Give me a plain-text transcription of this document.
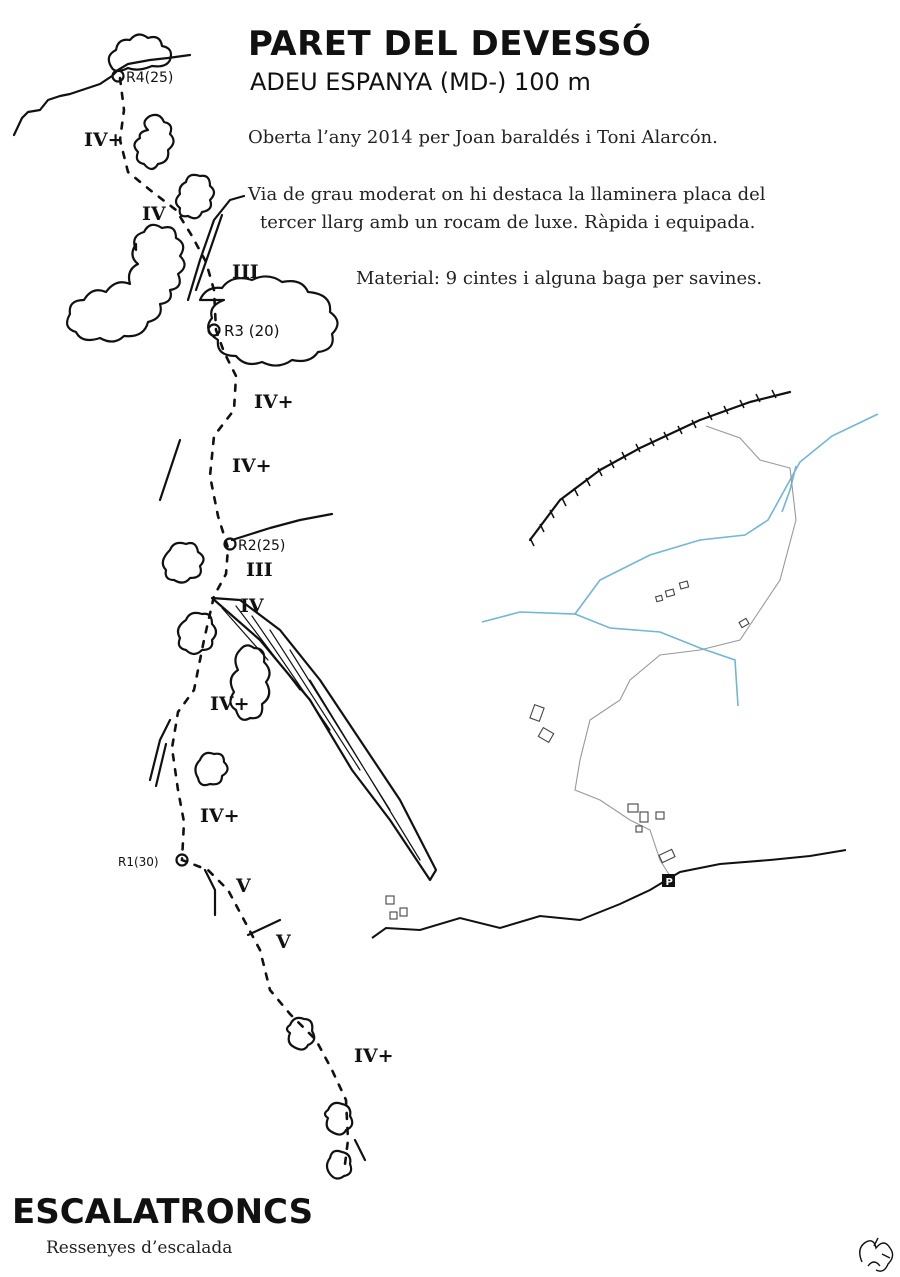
R4(25)
R3 (20)
R2(25)
R1(30)
IV+
IV
III
IV+
IV+
III
IV
IV+
IV+
V
V
IV+
P
PARET DEL DEVESSÓ
ADEU ESPANYA (MD-) 100 m
Oberta l’any 2014 per Joan baraldés i Toni Alarcón.
Via de grau moderat on hi destaca la llaminera placa del
tercer llarg amb un rocam de luxe. Ràpida i equipada.
Material: 9 cintes i alguna baga per savines.
ESCALATRONCS
Ressenyes d’escalada
